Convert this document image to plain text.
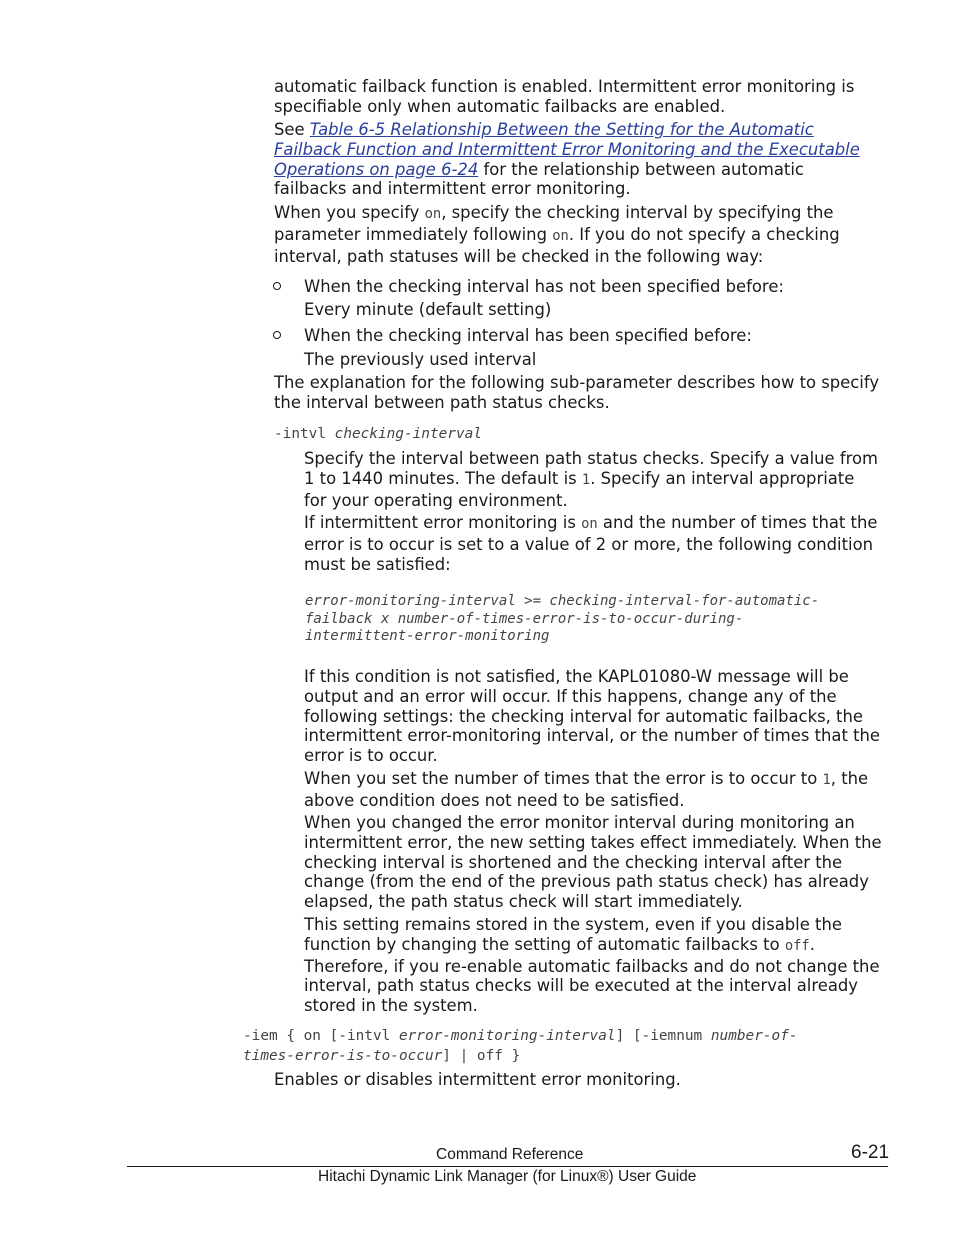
automatic failback function is enabled. Intermittent error monitoring is
specifiable only when automatic failbacks are enabled.
See Table 6-5 Relationship Between the Setting for the Automatic
Failback Function and Intermittent Error Monitoring and the Executable
Operations on page 6-24 for the relationship between automatic
failbacks and intermittent error monitoring.
When you specify on, specify the checking interval by specifying the
parameter immediately following on. If you do not specify a checking
interval, path statuses will be checked in the following way:
When the checking interval has not been specified before:
Every minute (default setting)
When the checking interval has been specified before:
The previously used interval
The explanation for the following sub-parameter describes how to specify
the interval between path status checks.
-intvl checking-interval
Specify the interval between path status checks. Specify a value from
1 to 1440 minutes. The default is 1. Specify an interval appropriate
for your operating environment.
If intermittent error monitoring is on and the number of times that the
error is to occur is set to a value of 2 or more, the following condition
must be satisfied:
error-monitoring-interval >= checking-interval-for-automatic-
failback x number-of-times-error-is-to-occur-during-
intermittent-error-monitoring
If this condition is not satisfied, the KAPL01080-W message will be
output and an error will occur. If this happens, change any of the
following settings: the checking interval for automatic failbacks, the
intermittent error-monitoring interval, or the number of times that the
error is to occur.
When you set the number of times that the error is to occur to 1, the
above condition does not need to be satisfied.
When you changed the error monitor interval during monitoring an
intermittent error, the new setting takes effect immediately. When the
checking interval is shortened and the checking interval after the
change (from the end of the previous path status check) has already
elapsed, the path status check will start immediately.
This setting remains stored in the system, even if you disable the
function by changing the setting of automatic failbacks to off.
Therefore, if you re-enable automatic failbacks and do not change the
interval, path status checks will be executed at the interval already
stored in the system.
-iem { on [-intvl error-monitoring-interval] [-iemnum number-of-
times-error-is-to-occur] | off }
Enables or disables intermittent error monitoring.
Command Reference	6-21
Hitachi Dynamic Link Manager (for Linux®) User Guide
